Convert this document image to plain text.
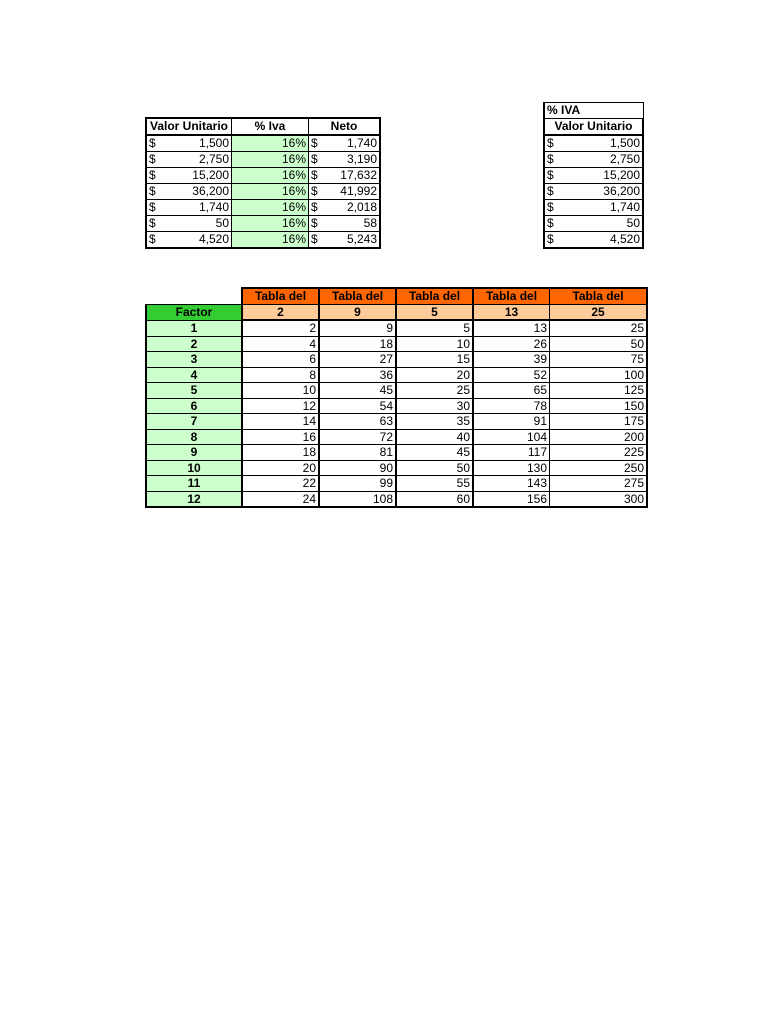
Valor Unitario	% Iva	Neto

$ 1,500	16%	$ 1,740

$ 2,750	16%	$ 3,190

$ 15,200	16%	$ 17,632

$ 36,200	16%	$ 41,992

$ 1,740	16%	$ 2,018

$ 50	16%	$ 58

$ 4,520	16%	$ 5,243
% IVA
Valor Unitario

$	1,500

$	2,750

$	15,200

$	36,200

$	1,740

$	50

$	4,520
	Tabla del	Tabla del	Tabla del	Tabla del	Tabla del
Factor	2	9	5	13	25
1	2	9	5	13	25
2	4	18	10	26	50
3	6	27	15	39	75
4	8	36	20	52	100
5	10	45	25	65	125
6	12	54	30	78	150
7	14	63	35	91	175
8	16	72	40	104	200
9	18	81	45	117	225
10	20	90	50	130	250
11	22	99	55	143	275
12	24	108	60	156	300
